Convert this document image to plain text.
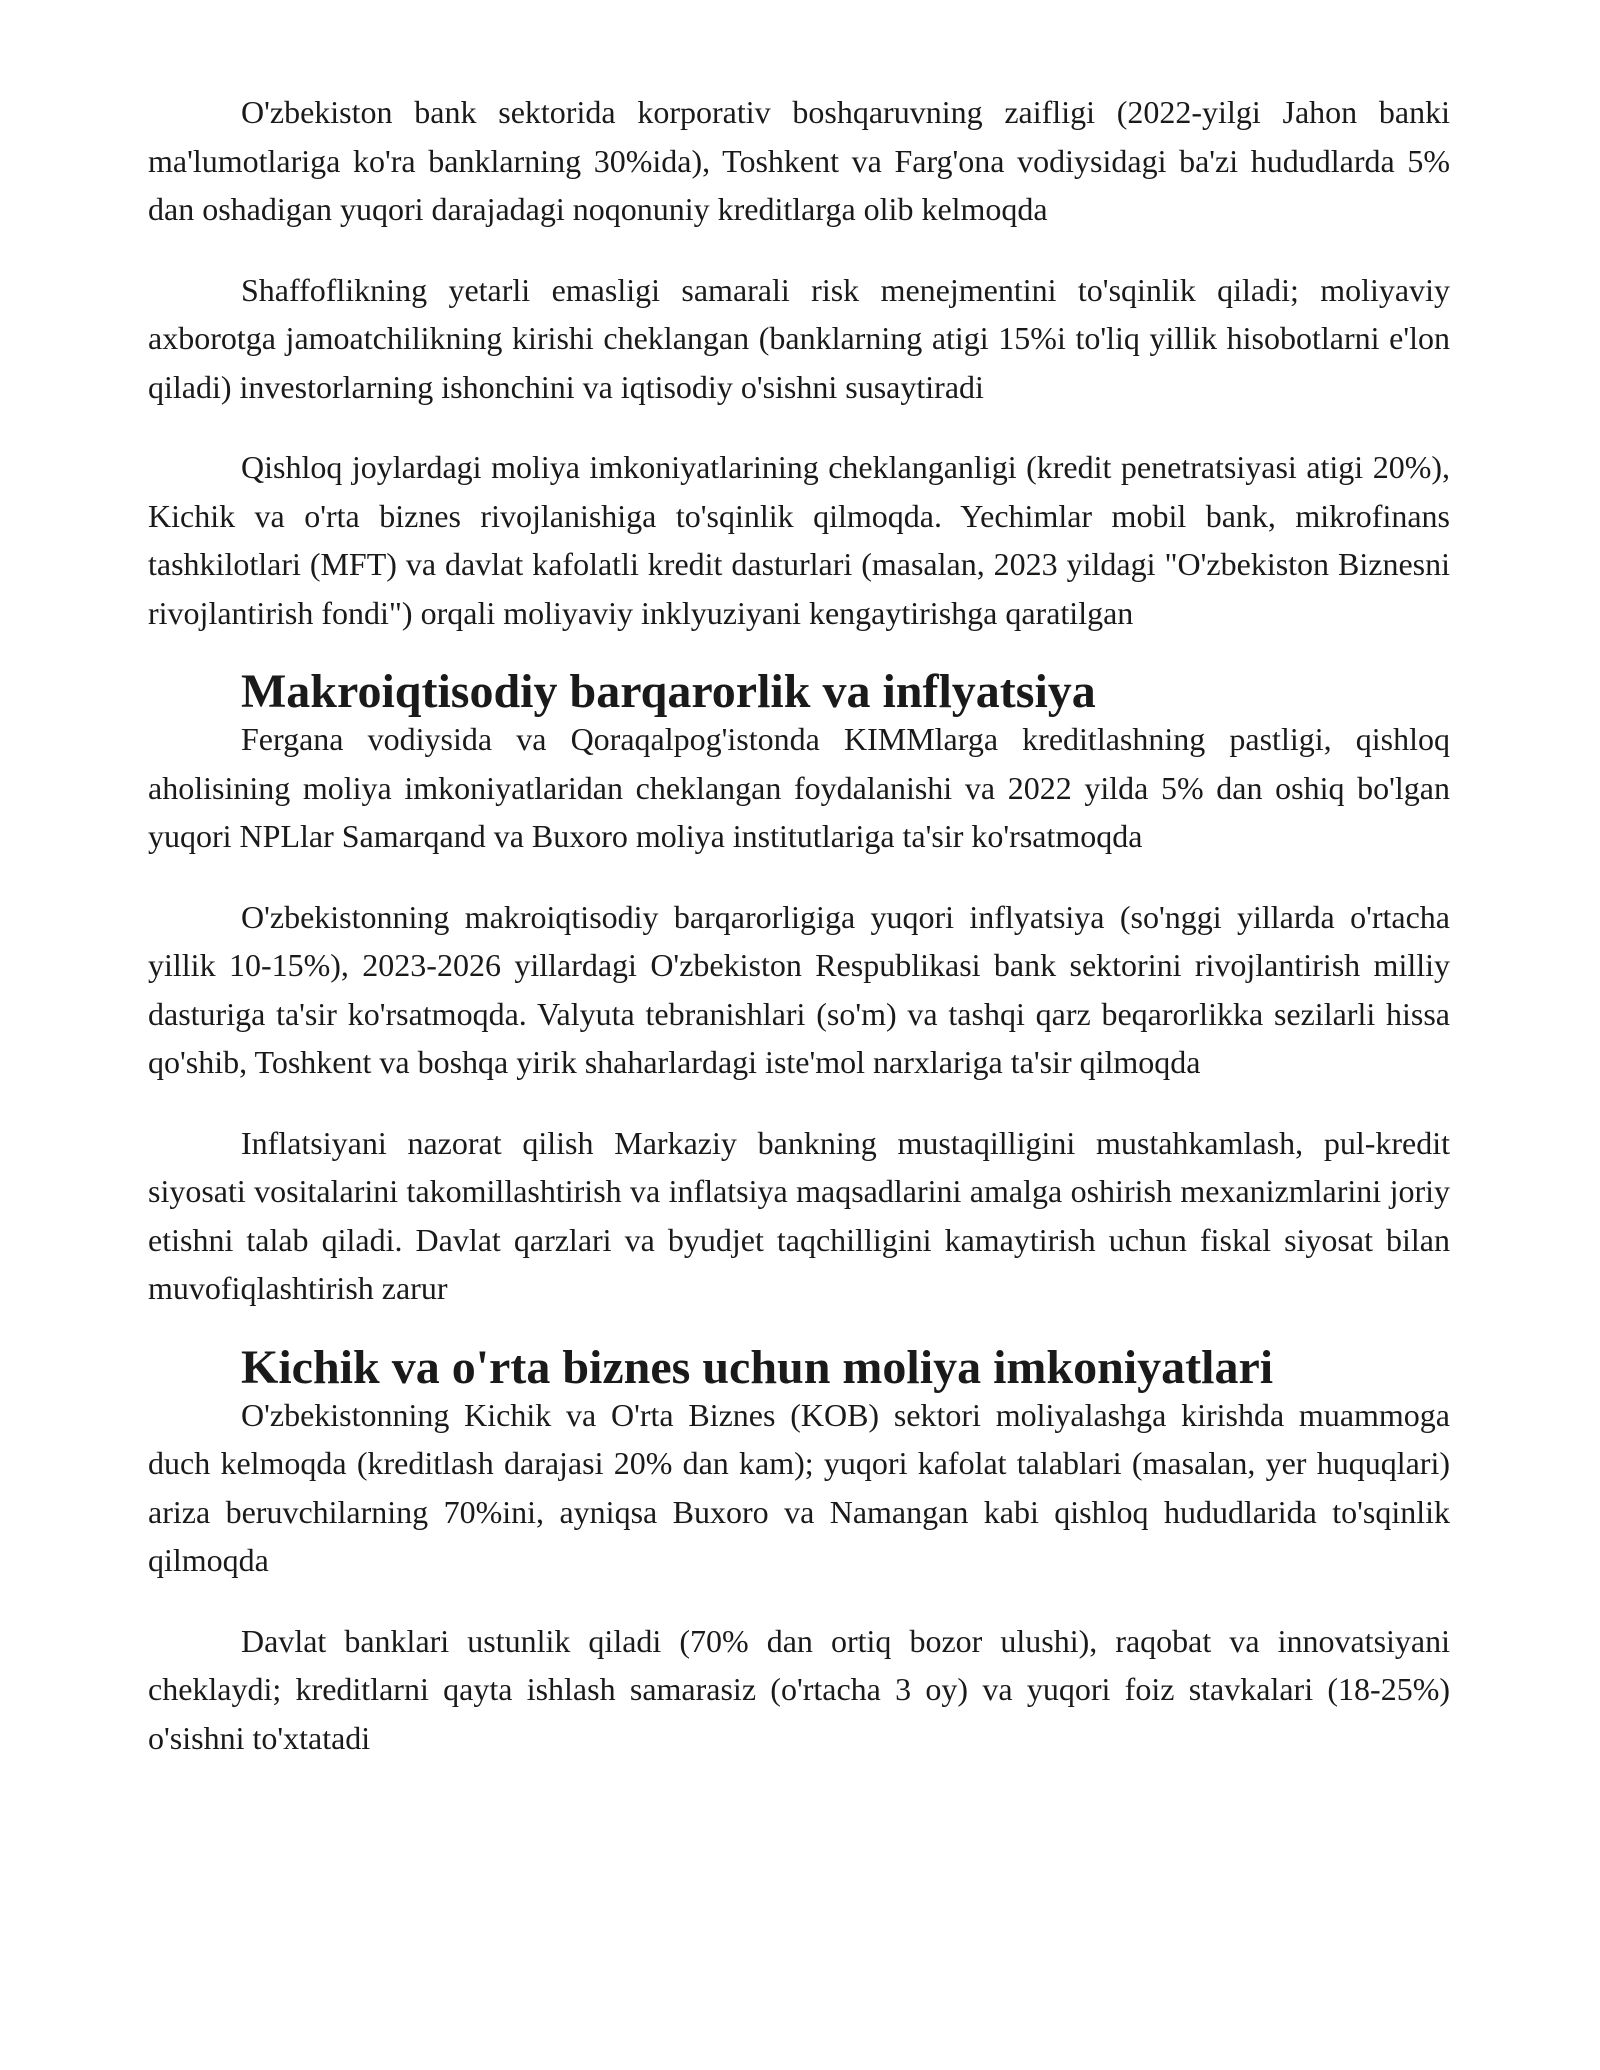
O'zbekiston bank sektorida korporativ boshqaruvning zaifligi (2022-yilgi Jahon banki ma'lumotlariga ko'ra banklarning 30%ida), Toshkent va Farg'ona vodiysidagi ba'zi hududlarda 5% dan oshadigan yuqori darajadagi noqonuniy kreditlarga olib kelmoqda

Shaffoflikning yetarli emasligi samarali risk menejmentini to'sqinlik qiladi; moliyaviy axborotga jamoatchilikning kirishi cheklangan (banklarning atigi 15%i to'liq yillik hisobotlarni e'lon qiladi) investorlarning ishonchini va iqtisodiy o'sishni susaytiradi

Qishloq joylardagi moliya imkoniyatlarining cheklanganligi (kredit penetratsiyasi atigi 20%), Kichik va o'rta biznes rivojlanishiga to'sqinlik qilmoqda. Yechimlar mobil bank, mikrofinans tashkilotlari (MFT) va davlat kafolatli kredit dasturlari (masalan, 2023 yildagi "O'zbekiston Biznesni rivojlantirish fondi") orqali moliyaviy inklyuziyani kengaytirishga qaratilgan

Makroiqtisodiy barqarorlik va inflyatsiya

Fergana vodiysida va Qoraqalpog'istonda KIMMlarga kreditlashning pastligi, qishloq aholisining moliya imkoniyatlaridan cheklangan foydalanishi va 2022 yilda 5% dan oshiq bo'lgan yuqori NPLlar Samarqand va Buxoro moliya institutlariga ta'sir ko'rsatmoqda

O'zbekistonning makroiqtisodiy barqarorligiga yuqori inflyatsiya (so'nggi yillarda o'rtacha yillik 10-15%), 2023-2026 yillardagi O'zbekiston Respublikasi bank sektorini rivojlantirish milliy dasturiga ta'sir ko'rsatmoqda. Valyuta tebranishlari (so'm) va tashqi qarz beqarorlikka sezilarli hissa qo'shib, Toshkent va boshqa yirik shaharlardagi iste'mol narxlariga ta'sir qilmoqda

Inflatsiyani nazorat qilish Markaziy bankning mustaqilligini mustahkamlash, pul-kredit siyosati vositalarini takomillashtirish va inflatsiya maqsadlarini amalga oshirish mexanizmlarini joriy etishni talab qiladi. Davlat qarzlari va byudjet taqchilligini kamaytirish uchun fiskal siyosat bilan muvofiqlashtirish zarur

Kichik va o'rta biznes uchun moliya imkoniyatlari

O'zbekistonning Kichik va O'rta Biznes (KOB) sektori moliyalashga kirishda muammoga duch kelmoqda (kreditlash darajasi 20% dan kam); yuqori kafolat talablari (masalan, yer huquqlari) ariza beruvchilarning 70%ini, ayniqsa Buxoro va Namangan kabi qishloq hududlarida to'sqinlik qilmoqda

Davlat banklari ustunlik qiladi (70% dan ortiq bozor ulushi), raqobat va innovatsiyani cheklaydi; kreditlarni qayta ishlash samarasiz (o'rtacha 3 oy) va yuqori foiz stavkalari (18-25%) o'sishni to'xtatadi
